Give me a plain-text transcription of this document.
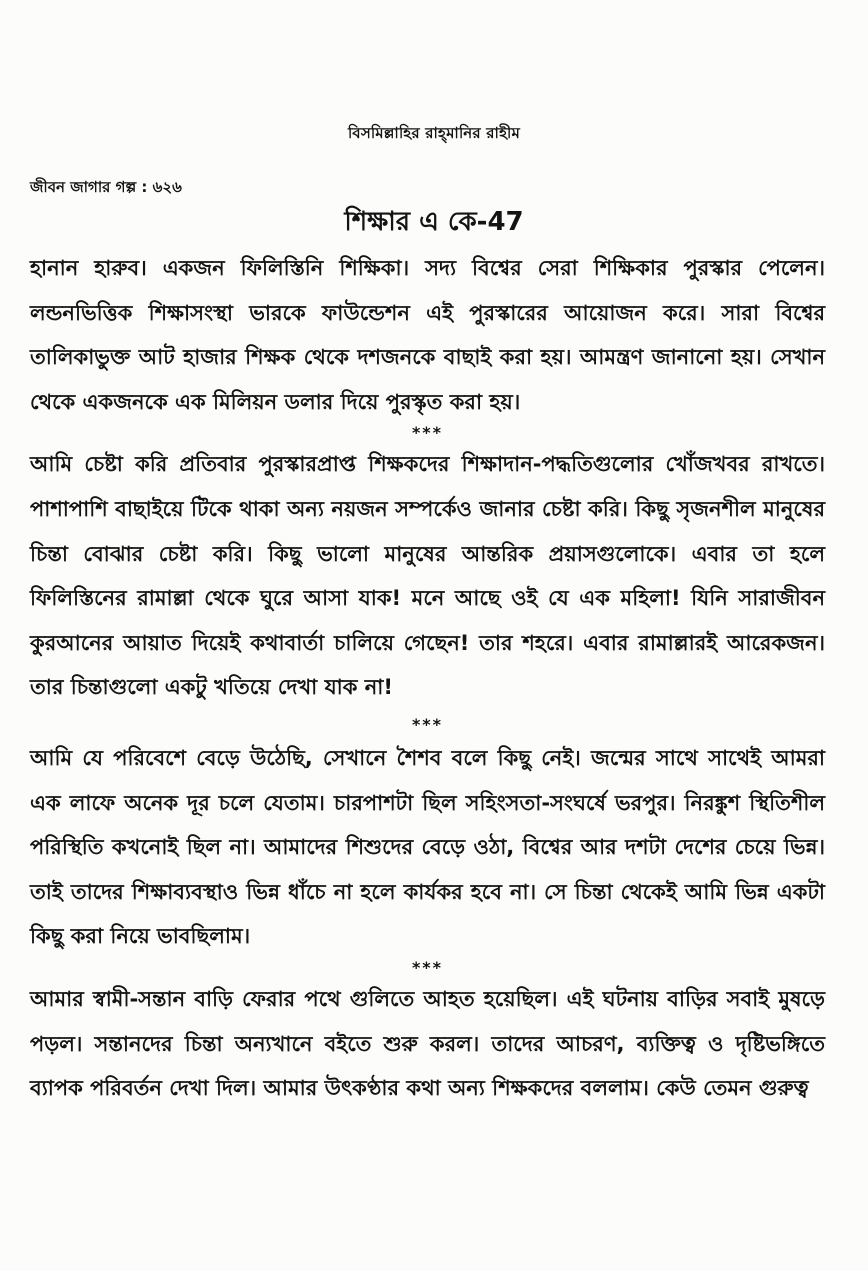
বিসমিল্লাহির রাহ্‌মানির রাহীম
জীবন জাগার গল্প : ৬২৬
শিক্ষার এ কে-47

হানান হারুব। একজন ফিলিস্তিনি শিক্ষিকা। সদ্য বিশ্বের সেরা শিক্ষিকার পুরস্কার পেলেন। লন্ডনভিত্তিক শিক্ষাসংস্থা ভারকে ফাউন্ডেশন এই পুরস্কারের আয়োজন করে। সারা বিশ্বের তালিকাভুক্ত আট হাজার শিক্ষক থেকে দশজনকে বাছাই করা হয়। আমন্ত্রণ জানানো হয়। সেখান থেকে একজনকে এক মিলিয়ন ডলার দিয়ে পুরস্কৃত করা হয়।

***

আমি চেষ্টা করি প্রতিবার পুরস্কারপ্রাপ্ত শিক্ষকদের শিক্ষাদান-পদ্ধতিগুলোর খোঁজখবর রাখতে। পাশাপাশি বাছাইয়ে টিকে থাকা অন্য নয়জন সম্পর্কেও জানার চেষ্টা করি। কিছু সৃজনশীল মানুষের চিন্তা বোঝার চেষ্টা করি। কিছু ভালো মানুষের আন্তরিক প্রয়াসগুলোকে। এবার তা হলে ফিলিস্তিনের রামাল্লা থেকে ঘুরে আসা যাক! মনে আছে ওই যে এক মহিলা! যিনি সারাজীবন কুরআনের আয়াত দিয়েই কথাবার্তা চালিয়ে গেছেন! তার শহরে। এবার রামাল্লারই আরেকজন। তার চিন্তাগুলো একটু খতিয়ে দেখা যাক না!

***

আমি যে পরিবেশে বেড়ে উঠেছি, সেখানে শৈশব বলে কিছু নেই। জন্মের সাথে সাথেই আমরা এক লাফে অনেক দূর চলে যেতাম। চারপাশটা ছিল সহিংসতা-সংঘর্ষে ভরপুর। নিরঙ্কুশ স্থিতিশীল পরিস্থিতি কখনোই ছিল না। আমাদের শিশুদের বেড়ে ওঠা, বিশ্বের আর দশটা দেশের চেয়ে ভিন্ন। তাই তাদের শিক্ষাব্যবস্থাও ভিন্ন ধাঁচে না হলে কার্যকর হবে না। সে চিন্তা থেকেই আমি ভিন্ন একটা কিছু করা নিয়ে ভাবছিলাম।

***

আমার স্বামী-সন্তান বাড়ি ফেরার পথে গুলিতে আহত হয়েছিল। এই ঘটনায় বাড়ির সবাই মুষড়ে পড়ল। সন্তানদের চিন্তা অন্যখানে বইতে শুরু করল। তাদের আচরণ, ব্যক্তিত্ব ও দৃষ্টিভঙ্গিতে ব্যাপক পরিবর্তন দেখা দিল। আমার উৎকণ্ঠার কথা অন্য শিক্ষকদের বললাম। কেউ তেমন গুরুত্ব
